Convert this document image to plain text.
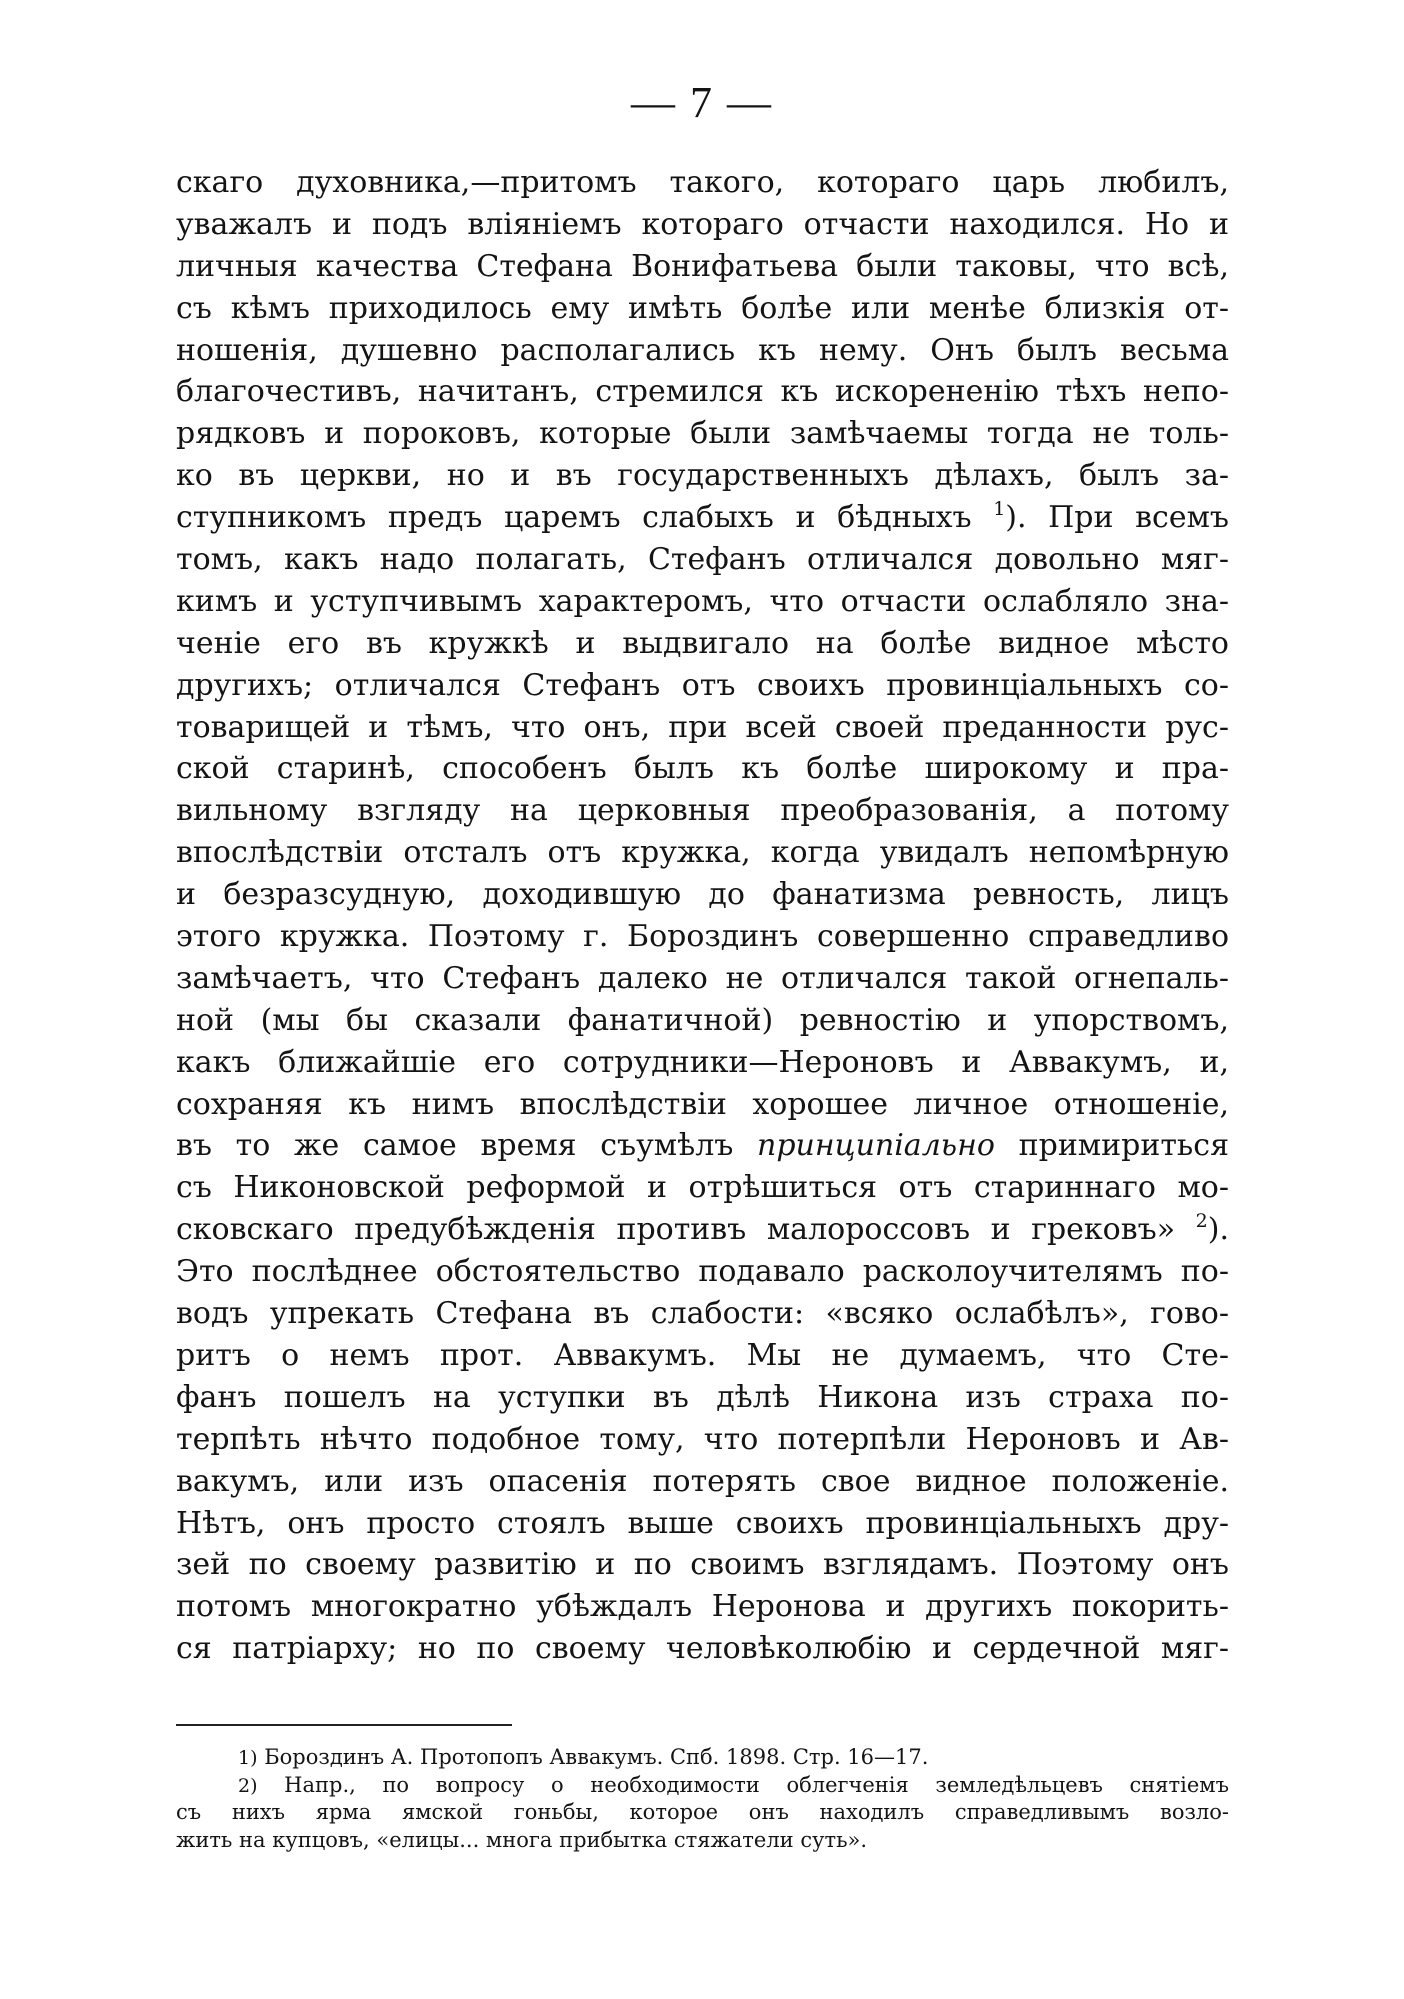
— 7 —
скаго духовника,—притомъ такого, котораго царь любилъ,
уважалъ и подъ вліяніемъ котораго отчасти находился. Но и
личныя качества Стефана Вонифатьева были таковы, что всѣ,
съ кѣмъ приходилось ему имѣть болѣе или менѣе близкія от-
ношенія, душевно располагались къ нему. Онъ былъ весьма
благочестивъ, начитанъ, стремился къ искорененію тѣхъ непо-
рядковъ и пороковъ, которые были замѣчаемы тогда не толь-
ко въ церкви, но и въ государственныхъ дѣлахъ, былъ за-
ступникомъ предъ царемъ слабыхъ и бѣдныхъ $^1$). При всемъ
томъ, какъ надо полагать, Стефанъ отличался довольно мяг-
кимъ и уступчивымъ характеромъ, что отчасти ослабляло зна-
ченіе его въ кружкѣ и выдвигало на болѣе видное мѣсто
другихъ; отличался Стефанъ отъ своихъ провинціальныхъ со-
товарищей и тѣмъ, что онъ, при всей своей преданности рус-
ской старинѣ, способенъ былъ къ болѣе широкому и пра-
вильному взгляду на церковныя преобразованія, а потому
впослѣдствіи отсталъ отъ кружка, когда увидалъ непомѣрную
и безразсудную, доходившую до фанатизма ревность, лицъ
этого кружка. Поэтому г. Бороздинъ совершенно справедливо
замѣчаетъ, что Стефанъ далеко не отличался такой огнепаль-
ной (мы бы сказали фанатичной) ревностію и упорствомъ,
какъ ближайшіе его сотрудники—Нероновъ и Аввакумъ, и,
сохраняя къ нимъ впослѣдствіи хорошее личное отношеніе,
въ то же самое время съумѣлъ принципіально примириться
съ Никоновской реформой и отрѣшиться отъ стариннаго мо-
сковскаго предубѣжденія противъ малороссовъ и грековъ» $^2$).
Это послѣднее обстоятельство подавало расколоучителямъ по-
водъ упрекать Стефана въ слабости: «всяко ослабѣлъ», гово-
ритъ о немъ прот. Аввакумъ. Мы не думаемъ, что Сте-
фанъ пошелъ на уступки въ дѣлѣ Никона изъ страха по-
терпѣть нѣчто подобное тому, что потерпѣли Нероновъ и Ав-
вакумъ, или изъ опасенія потерять свое видное положеніе.
Нѣтъ, онъ просто стоялъ выше своихъ провинціальныхъ дру-
зей по своему развитію и по своимъ взглядамъ. Поэтому онъ
потомъ многократно убѣждалъ Неронова и другихъ покорить-
ся патріарху; но по своему человѣколюбію и сердечной мяг-
1) Бороздинъ А. Протопопъ Аввакумъ. Спб. 1898. Стр. 16—17.
2) Напр., по вопросу о необходимости облегченія земледѣльцевъ снятіемъ
съ нихъ ярма ямской гоньбы, которое онъ находилъ справедливымъ возло-
жить на купцовъ, «елицы... многа прибытка стяжатели суть».
